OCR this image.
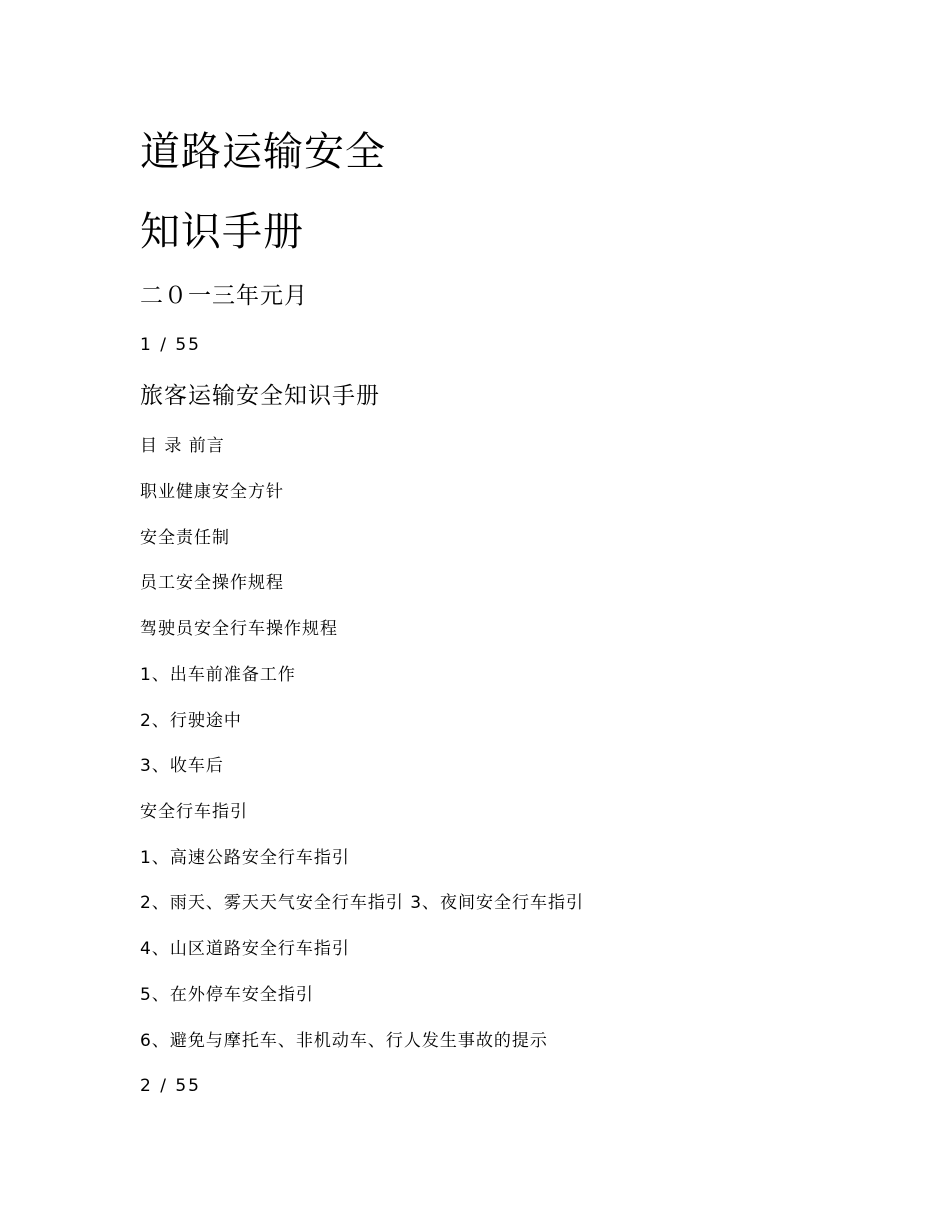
道路运输安全
知识手册
二０一三年元月
1 / 55
旅客运输安全知识手册
目 录 前言
职业健康安全方针
安全责任制
员工安全操作规程
驾驶员安全行车操作规程
1、出车前准备工作
2、行驶途中
3、收车后
安全行车指引
1、高速公路安全行车指引
2、雨天、雾天天气安全行车指引 3、夜间安全行车指引
4、山区道路安全行车指引
5、在外停车安全指引
6、避免与摩托车、非机动车、行人发生事故的提示
2 / 55
